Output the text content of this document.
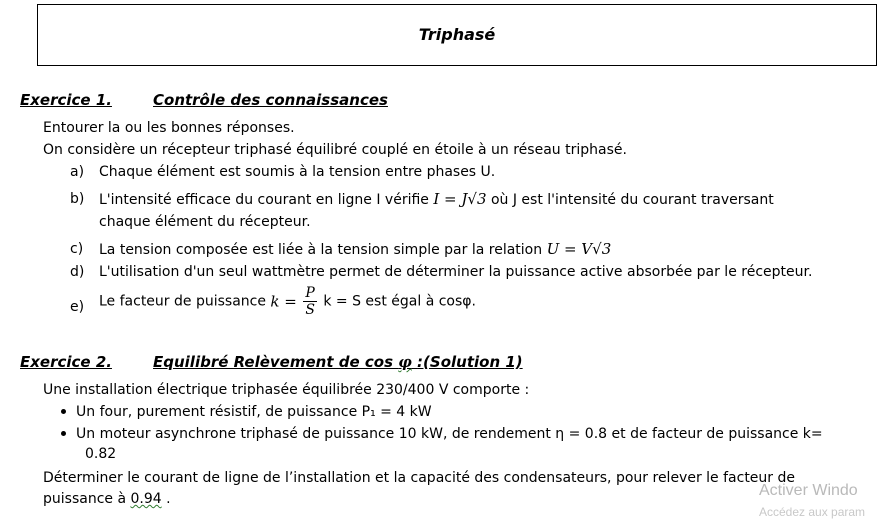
Triphasé
Exercice 1.	Contrôle des connaissances
Entourer la ou les bonnes réponses.
On considère un récepteur triphasé équilibré couplé en étoile à un réseau triphasé.
a) Chaque élément est soumis à la tension entre phases U.
b) L'intensité efficace du courant en ligne I vérifie I = J√3 où J est l'intensité du courant traversant
chaque élément du récepteur.
c) La tension composée est liée à la tension simple par la relation U = V√3
d) L'utilisation d'un seul wattmètre permet de déterminer la puissance active absorbée par le récepteur.
e) Le facteur de puissance $k = \frac{P}{S}$ k = S est égal à cosφ.
Exercice 2.	Equilibré Relèvement de cos φ :(Solution 1)
Une installation électrique triphasée équilibrée 230/400 V comporte :
Un four, purement résistif, de puissance P₁ = 4 kW
Un moteur asynchrone triphasé de puissance 10 kW, de rendement η = 0.8 et de facteur de puissance k=
0.82
Déterminer le courant de ligne de l’installation et la capacité des condensateurs, pour relever le facteur de
puissance à 0.94 .	Activer Windo
Accédez aux param
